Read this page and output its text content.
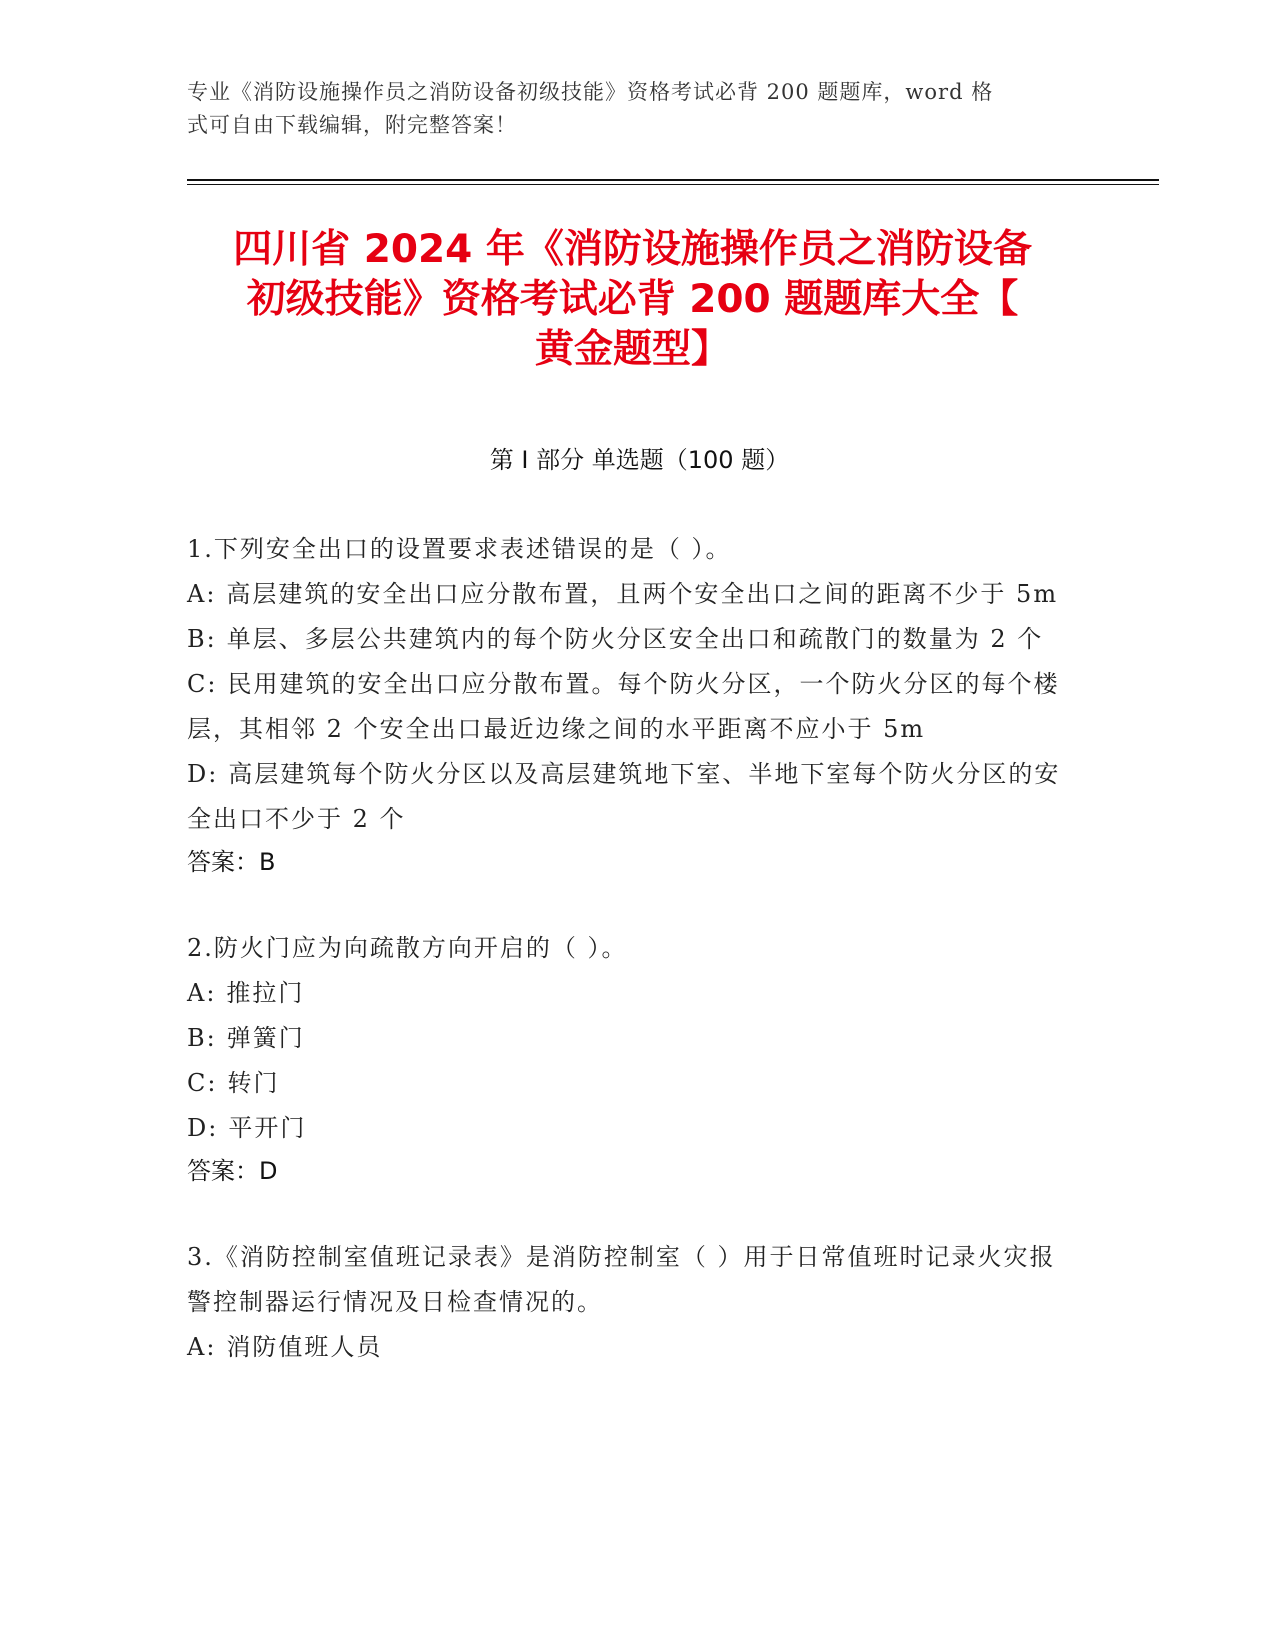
专业《消防设施操作员之消防设备初级技能》资格考试必背 200 题题库，word 格
式可自由下载编辑，附完整答案！
四川省 2024 年《消防设施操作员之消防设备
初级技能》资格考试必背 200 题题库大全【
黄金题型】
第 I 部分 单选题（100 题）
1.下列安全出口的设置要求表述错误的是（ ）。
A: 高层建筑的安全出口应分散布置，且两个安全出口之间的距离不少于 5m
B: 单层、多层公共建筑内的每个防火分区安全出口和疏散门的数量为 2 个
C: 民用建筑的安全出口应分散布置。每个防火分区，一个防火分区的每个楼层，其相邻 2 个安全出口最近边缘之间的水平距离不应小于 5m
D: 高层建筑每个防火分区以及高层建筑地下室、半地下室每个防火分区的安全出口不少于 2 个
答案：B
2.防火门应为向疏散方向开启的（ ）。
A: 推拉门
B: 弹簧门
C: 转门
D: 平开门
答案：D
3.《消防控制室值班记录表》是消防控制室（ ）用于日常值班时记录火灾报警控制器运行情况及日检查情况的。
A: 消防值班人员
